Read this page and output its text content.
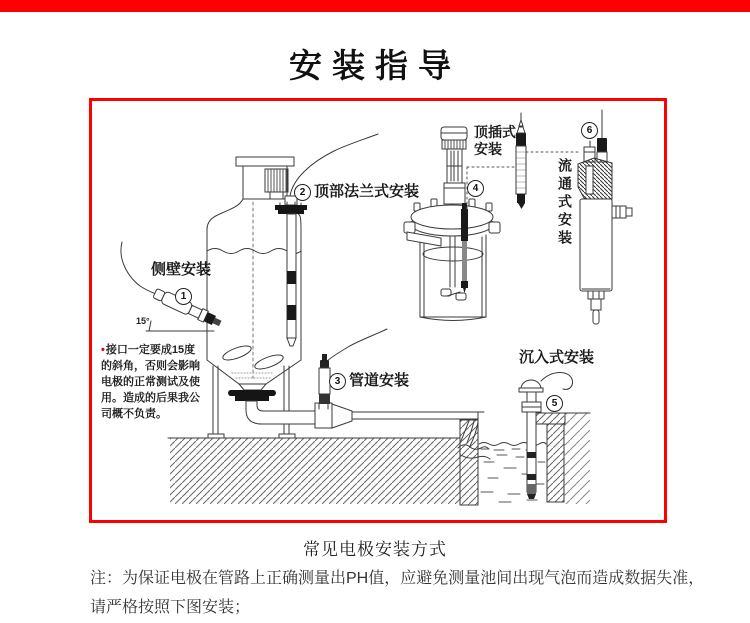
安装指导
侧壁安装
1
15°
2 顶部法兰式安装
3 管道安装
顶插式安装
4
沉入式安装
5
6
流通式安装
•接口一定要成15度
的斜角，否则会影响
电极的正常测试及使
用。造成的后果我公
司概不负责。
常见电极安装方式
注：为保证电极在管路上正确测量出PH值，应避免测量池间出现气泡而造成数据失准，
请严格按照下图安装；
